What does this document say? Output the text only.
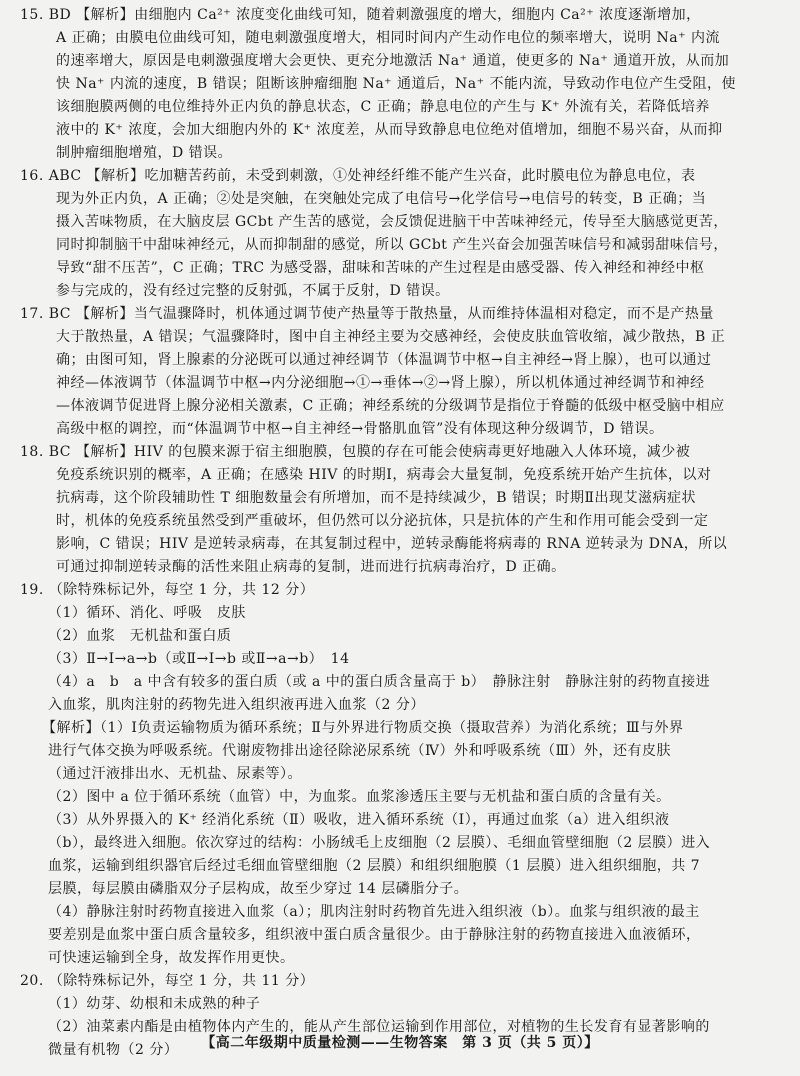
15. BD 【解析】由细胞内 Ca²⁺ 浓度变化曲线可知，随着刺激强度的增大，细胞内 Ca²⁺ 浓度逐渐增加，

A 正确；由膜电位曲线可知，随电刺激强度增大，相同时间内产生动作电位的频率增大，说明 Na⁺ 内流

的速率增大，原因是电刺激强度增大会更快、更充分地激活 Na⁺ 通道，使更多的 Na⁺ 通道开放，从而加

快 Na⁺ 内流的速度，B 错误；阻断该肿瘤细胞 Na⁺ 通道后，Na⁺ 不能内流，导致动作电位产生受阻，使

该细胞膜两侧的电位维持外正内负的静息状态，C 正确；静息电位的产生与 K⁺ 外流有关，若降低培养

液中的 K⁺ 浓度，会加大细胞内外的 K⁺ 浓度差，从而导致静息电位绝对值增加，细胞不易兴奋，从而抑

制肿瘤细胞增殖，D 错误。

16. ABC 【解析】吃加糖苦药前，未受到刺激，①处神经纤维不能产生兴奋，此时膜电位为静息电位，表

现为外正内负，A 正确；②处是突触，在突触处完成了电信号→化学信号→电信号的转变，B 正确；当

摄入苦味物质，在大脑皮层 GCbt 产生苦的感觉，会反馈促进脑干中苦味神经元，传导至大脑感觉更苦，

同时抑制脑干中甜味神经元，从而抑制甜的感觉，所以 GCbt 产生兴奋会加强苦味信号和减弱甜味信号，

导致“甜不压苦”，C 正确；TRC 为感受器，甜味和苦味的产生过程是由感受器、传入神经和神经中枢

参与完成的，没有经过完整的反射弧，不属于反射，D 错误。

17. BC 【解析】当气温骤降时，机体通过调节使产热量等于散热量，从而维持体温相对稳定，而不是产热量

大于散热量，A 错误；气温骤降时，图中自主神经主要为交感神经，会使皮肤血管收缩，减少散热，B 正

确；由图可知，肾上腺素的分泌既可以通过神经调节（体温调节中枢→自主神经→肾上腺），也可以通过

神经—体液调节（体温调节中枢→内分泌细胞→①→垂体→②→肾上腺），所以机体通过神经调节和神经

—体液调节促进肾上腺分泌相关激素，C 正确；神经系统的分级调节是指位于脊髓的低级中枢受脑中相应

高级中枢的调控，而“体温调节中枢→自主神经→骨骼肌血管”没有体现这种分级调节，D 错误。

18. BC 【解析】HIV 的包膜来源于宿主细胞膜，包膜的存在可能会使病毒更好地融入人体环境，减少被

免疫系统识别的概率，A 正确；在感染 HIV 的时期Ⅰ，病毒会大量复制，免疫系统开始产生抗体，以对

抗病毒，这个阶段辅助性 T 细胞数量会有所增加，而不是持续减少，B 错误；时期Ⅱ出现艾滋病症状

时，机体的免疫系统虽然受到严重破坏，但仍然可以分泌抗体，只是抗体的产生和作用可能会受到一定

影响，C 错误；HIV 是逆转录病毒，在其复制过程中，逆转录酶能将病毒的 RNA 逆转录为 DNA，所以

可通过抑制逆转录酶的活性来阻止病毒的复制，进而进行抗病毒治疗，D 正确。

19. （除特殊标记外，每空 1 分，共 12 分）

（1）循环、消化、呼吸　皮肤

（2）血浆　无机盐和蛋白质

（3）Ⅱ→Ⅰ→a→b（或Ⅱ→Ⅰ→b 或Ⅱ→a→b）　14

（4）a　b　a 中含有较多的蛋白质（或 a 中的蛋白质含量高于 b）　静脉注射　静脉注射的药物直接进

入血浆，肌肉注射的药物先进入组织液再进入血浆（2 分）

【解析】（1）Ⅰ负责运输物质为循环系统；Ⅱ与外界进行物质交换（摄取营养）为消化系统；Ⅲ与外界

进行气体交换为呼吸系统。代谢废物排出途径除泌尿系统（Ⅳ）外和呼吸系统（Ⅲ）外，还有皮肤

（通过汗液排出水、无机盐、尿素等）。

（2）图中 a 位于循环系统（血管）中，为血浆。血浆渗透压主要与无机盐和蛋白质的含量有关。

（3）从外界摄入的 K⁺ 经消化系统（Ⅱ）吸收，进入循环系统（Ⅰ），再通过血浆（a）进入组织液

（b），最终进入细胞。依次穿过的结构：小肠绒毛上皮细胞（2 层膜）、毛细血管壁细胞（2 层膜）进入

血浆，运输到组织器官后经过毛细血管壁细胞（2 层膜）和组织细胞膜（1 层膜）进入组织细胞，共 7

层膜，每层膜由磷脂双分子层构成，故至少穿过 14 层磷脂分子。

（4）静脉注射时药物直接进入血浆（a）；肌肉注射时药物首先进入组织液（b）。血浆与组织液的最主

要差别是血浆中蛋白质含量较多，组织液中蛋白质含量很少。由于静脉注射的药物直接进入血液循环，

可快速运输到全身，故发挥作用更快。

20. （除特殊标记外，每空 1 分，共 11 分）

（1）幼芽、幼根和未成熟的种子

（2）油菜素内酯是由植物体内产生的，能从产生部位运输到作用部位，对植物的生长发育有显著影响的

微量有机物（2 分）	【高二年级期中质量检测——生物答案　第 3 页（共 5 页）】
